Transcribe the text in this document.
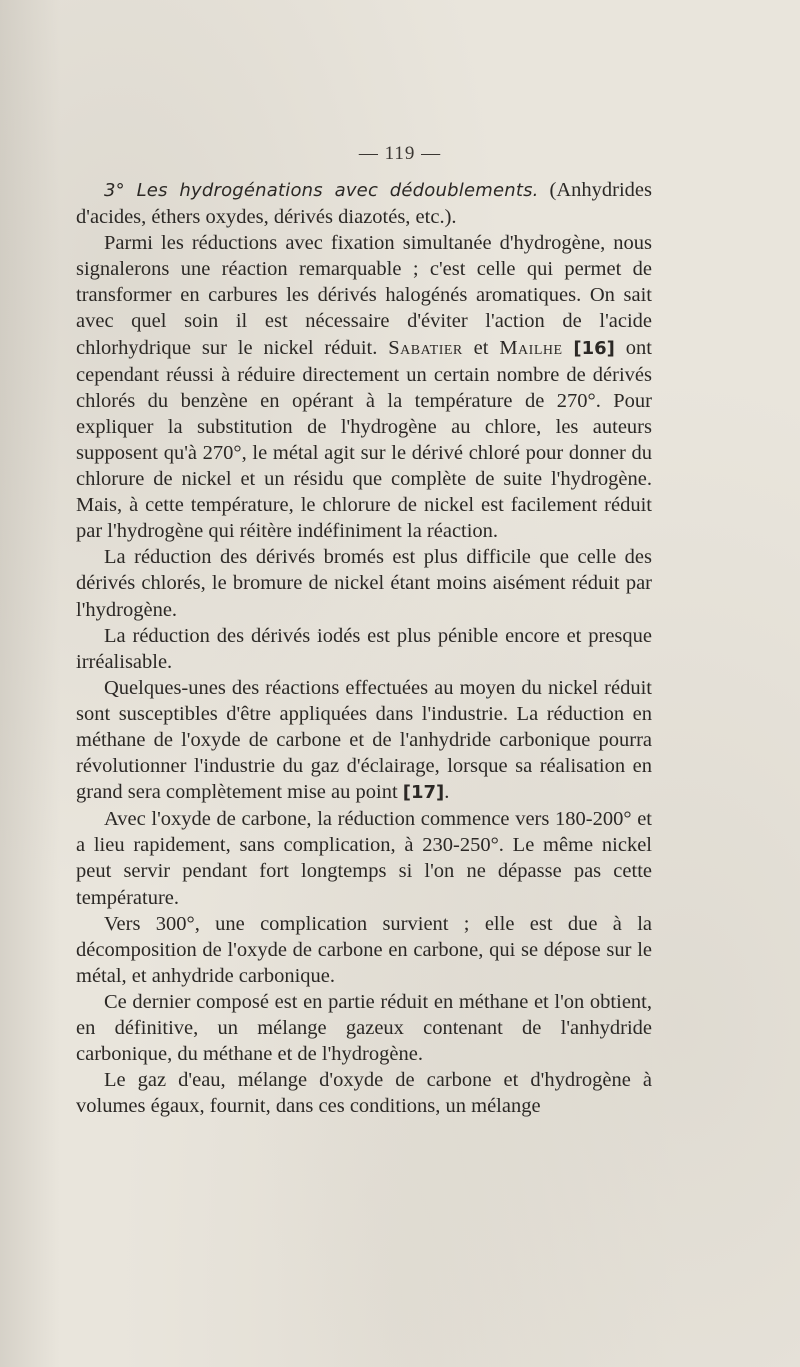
— 119 —

3° Les hydrogénations avec dédoublements. (Anhydrides d'acides, éthers oxydes, dérivés diazotés, etc.).

Parmi les réductions avec fixation simultanée d'hydrogène, nous signalerons une réaction remarquable ; c'est celle qui permet de transformer en carbures les dérivés halogénés aromatiques. On sait avec quel soin il est nécessaire d'éviter l'action de l'acide chlorhydrique sur le nickel réduit. Sabatier et Mailhe [16] ont cependant réussi à réduire directement un certain nombre de dérivés chlorés du benzène en opérant à la température de 270°. Pour expliquer la substitution de l'hydrogène au chlore, les auteurs supposent qu'à 270°, le métal agit sur le dérivé chloré pour donner du chlorure de nickel et un résidu que complète de suite l'hydrogène. Mais, à cette température, le chlorure de nickel est facilement réduit par l'hydrogène qui réitère indéfiniment la réaction.

La réduction des dérivés bromés est plus difficile que celle des dérivés chlorés, le bromure de nickel étant moins aisément réduit par l'hydrogène.

La réduction des dérivés iodés est plus pénible encore et presque irréalisable.

Quelques-unes des réactions effectuées au moyen du nickel réduit sont susceptibles d'être appliquées dans l'industrie. La réduction en méthane de l'oxyde de carbone et de l'anhydride carbonique pourra révolutionner l'industrie du gaz d'éclairage, lorsque sa réalisation en grand sera complètement mise au point [17].

Avec l'oxyde de carbone, la réduction commence vers 180-200° et a lieu rapidement, sans complication, à 230-250°. Le même nickel peut servir pendant fort longtemps si l'on ne dépasse pas cette température.

Vers 300°, une complication survient ; elle est due à la décomposition de l'oxyde de carbone en carbone, qui se dépose sur le métal, et anhydride carbonique.

Ce dernier composé est en partie réduit en méthane et l'on obtient, en définitive, un mélange gazeux contenant de l'anhydride carbonique, du méthane et de l'hydrogène.

Le gaz d'eau, mélange d'oxyde de carbone et d'hydrogène à volumes égaux, fournit, dans ces conditions, un mélange
